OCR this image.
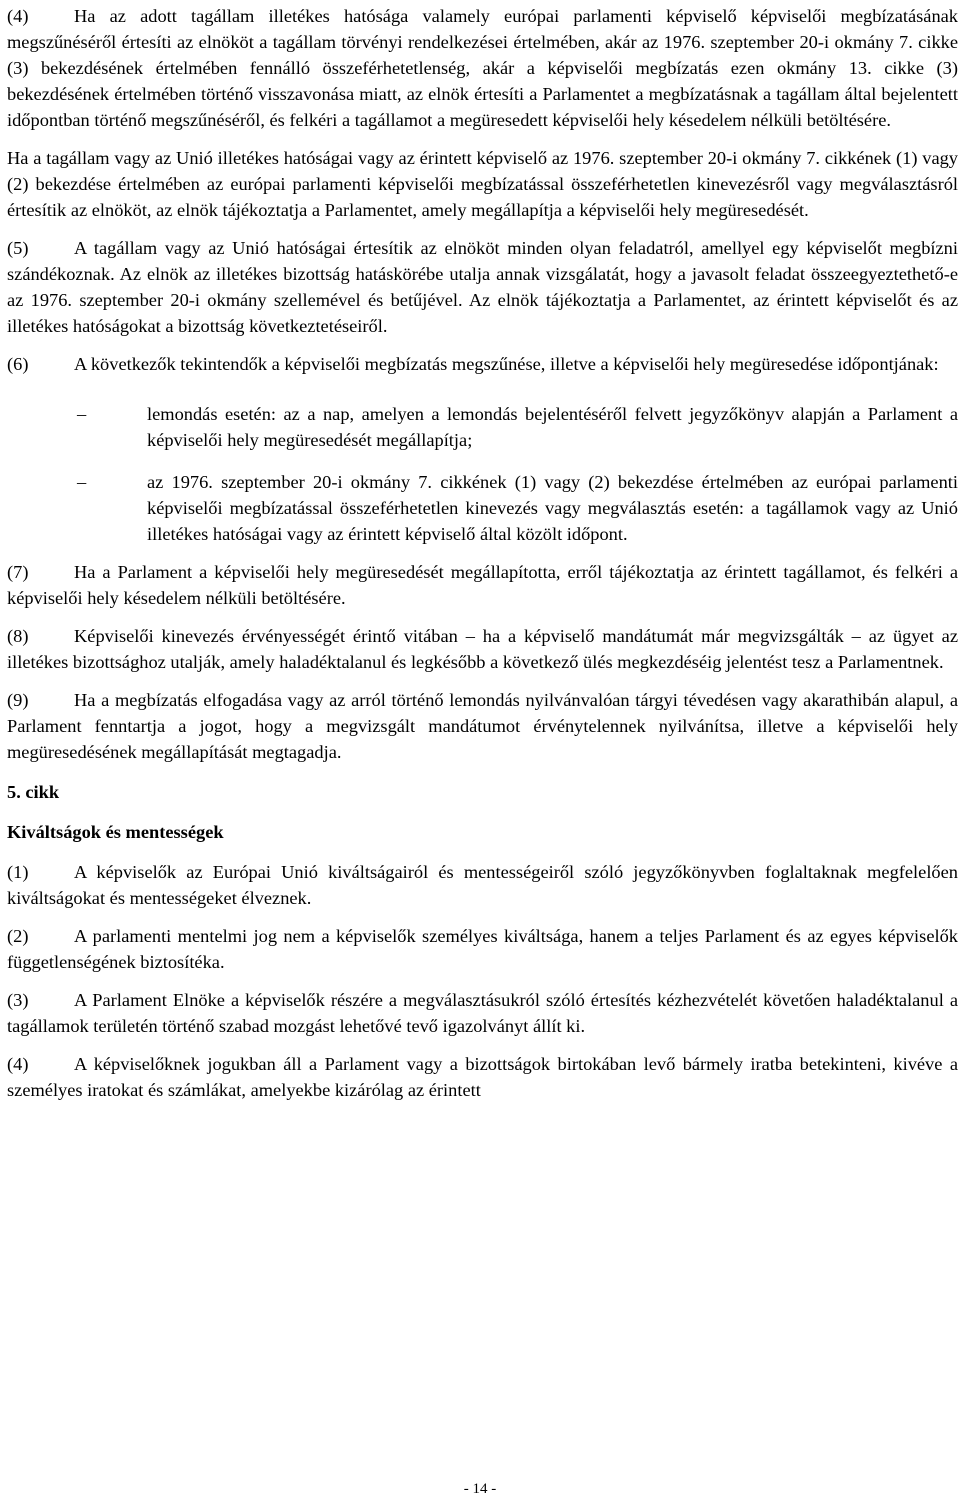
(4) Ha az adott tagállam illetékes hatósága valamely európai parlamenti képviselő képviselői megbízatásának megszűnéséről értesíti az elnököt a tagállam törvényi rendelkezései értelmében, akár az 1976. szeptember 20-i okmány 7. cikke (3) bekezdésének értelmében fennálló összeférhetetlenség, akár a képviselői megbízatás ezen okmány 13. cikke (3) bekezdésének értelmében történő visszavonása miatt, az elnök értesíti a Parlamentet a megbízatásnak a tagállam által bejelentett időpontban történő megszűnéséről, és felkéri a tagállamot a megüresedett képviselői hely késedelem nélküli betöltésére.

Ha a tagállam vagy az Unió illetékes hatóságai vagy az érintett képviselő az 1976. szeptember 20-i okmány 7. cikkének (1) vagy (2) bekezdése értelmében az európai parlamenti képviselői megbízatással összeférhetetlen kinevezésről vagy megválasztásról értesítik az elnököt, az elnök tájékoztatja a Parlamentet, amely megállapítja a képviselői hely megüresedését.

(5) A tagállam vagy az Unió hatóságai értesítik az elnököt minden olyan feladatról, amellyel egy képviselőt megbízni szándékoznak. Az elnök az illetékes bizottság hatáskörébe utalja annak vizsgálatát, hogy a javasolt feladat összeegyeztethető-e az 1976. szeptember 20-i okmány szellemével és betűjével. Az elnök tájékoztatja a Parlamentet, az érintett képviselőt és az illetékes hatóságokat a bizottság következtetéseiről.

(6) A következők tekintendők a képviselői megbízatás megszűnése, illetve a képviselői hely megüresedése időpontjának:

–	lemondás esetén: az a nap, amelyen a lemondás bejelentéséről felvett jegyzőkönyv alapján a Parlament a képviselői hely megüresedését megállapítja;
–	az 1976. szeptember 20-i okmány 7. cikkének (1) vagy (2) bekezdése értelmében az európai parlamenti képviselői megbízatással összeférhetetlen kinevezés vagy megválasztás esetén: a tagállamok vagy az Unió illetékes hatóságai vagy az érintett képviselő által közölt időpont.

(7) Ha a Parlament a képviselői hely megüresedését megállapította, erről tájékoztatja az érintett tagállamot, és felkéri a képviselői hely késedelem nélküli betöltésére.

(8) Képviselői kinevezés érvényességét érintő vitában – ha a képviselő mandátumát már megvizsgálták – az ügyet az illetékes bizottsághoz utalják, amely haladéktalanul és legkésőbb a következő ülés megkezdéséig jelentést tesz a Parlamentnek.

(9) Ha a megbízatás elfogadása vagy az arról történő lemondás nyilvánvalóan tárgyi tévedésen vagy akarathibán alapul, a Parlament fenntartja a jogot, hogy a megvizsgált mandátumot érvénytelennek nyilvánítsa, illetve a képviselői hely megüresedésének megállapítását megtagadja.

5. cikk

Kiváltságok és mentességek

(1) A képviselők az Európai Unió kiváltságairól és mentességeiről szóló jegyzőkönyvben foglaltaknak megfelelően kiváltságokat és mentességeket élveznek.

(2) A parlamenti mentelmi jog nem a képviselők személyes kiváltsága, hanem a teljes Parlament és az egyes képviselők függetlenségének biztosítéka.

(3) A Parlament Elnöke a képviselők részére a megválasztásukról szóló értesítés kézhezvételét követően haladéktalanul a tagállamok területén történő szabad mozgást lehetővé tevő igazolványt állít ki.

(4) A képviselőknek jogukban áll a Parlament vagy a bizottságok birtokában levő bármely iratba betekinteni, kivéve a személyes iratokat és számlákat, amelyekbe kizárólag az érintett

- 14 -
